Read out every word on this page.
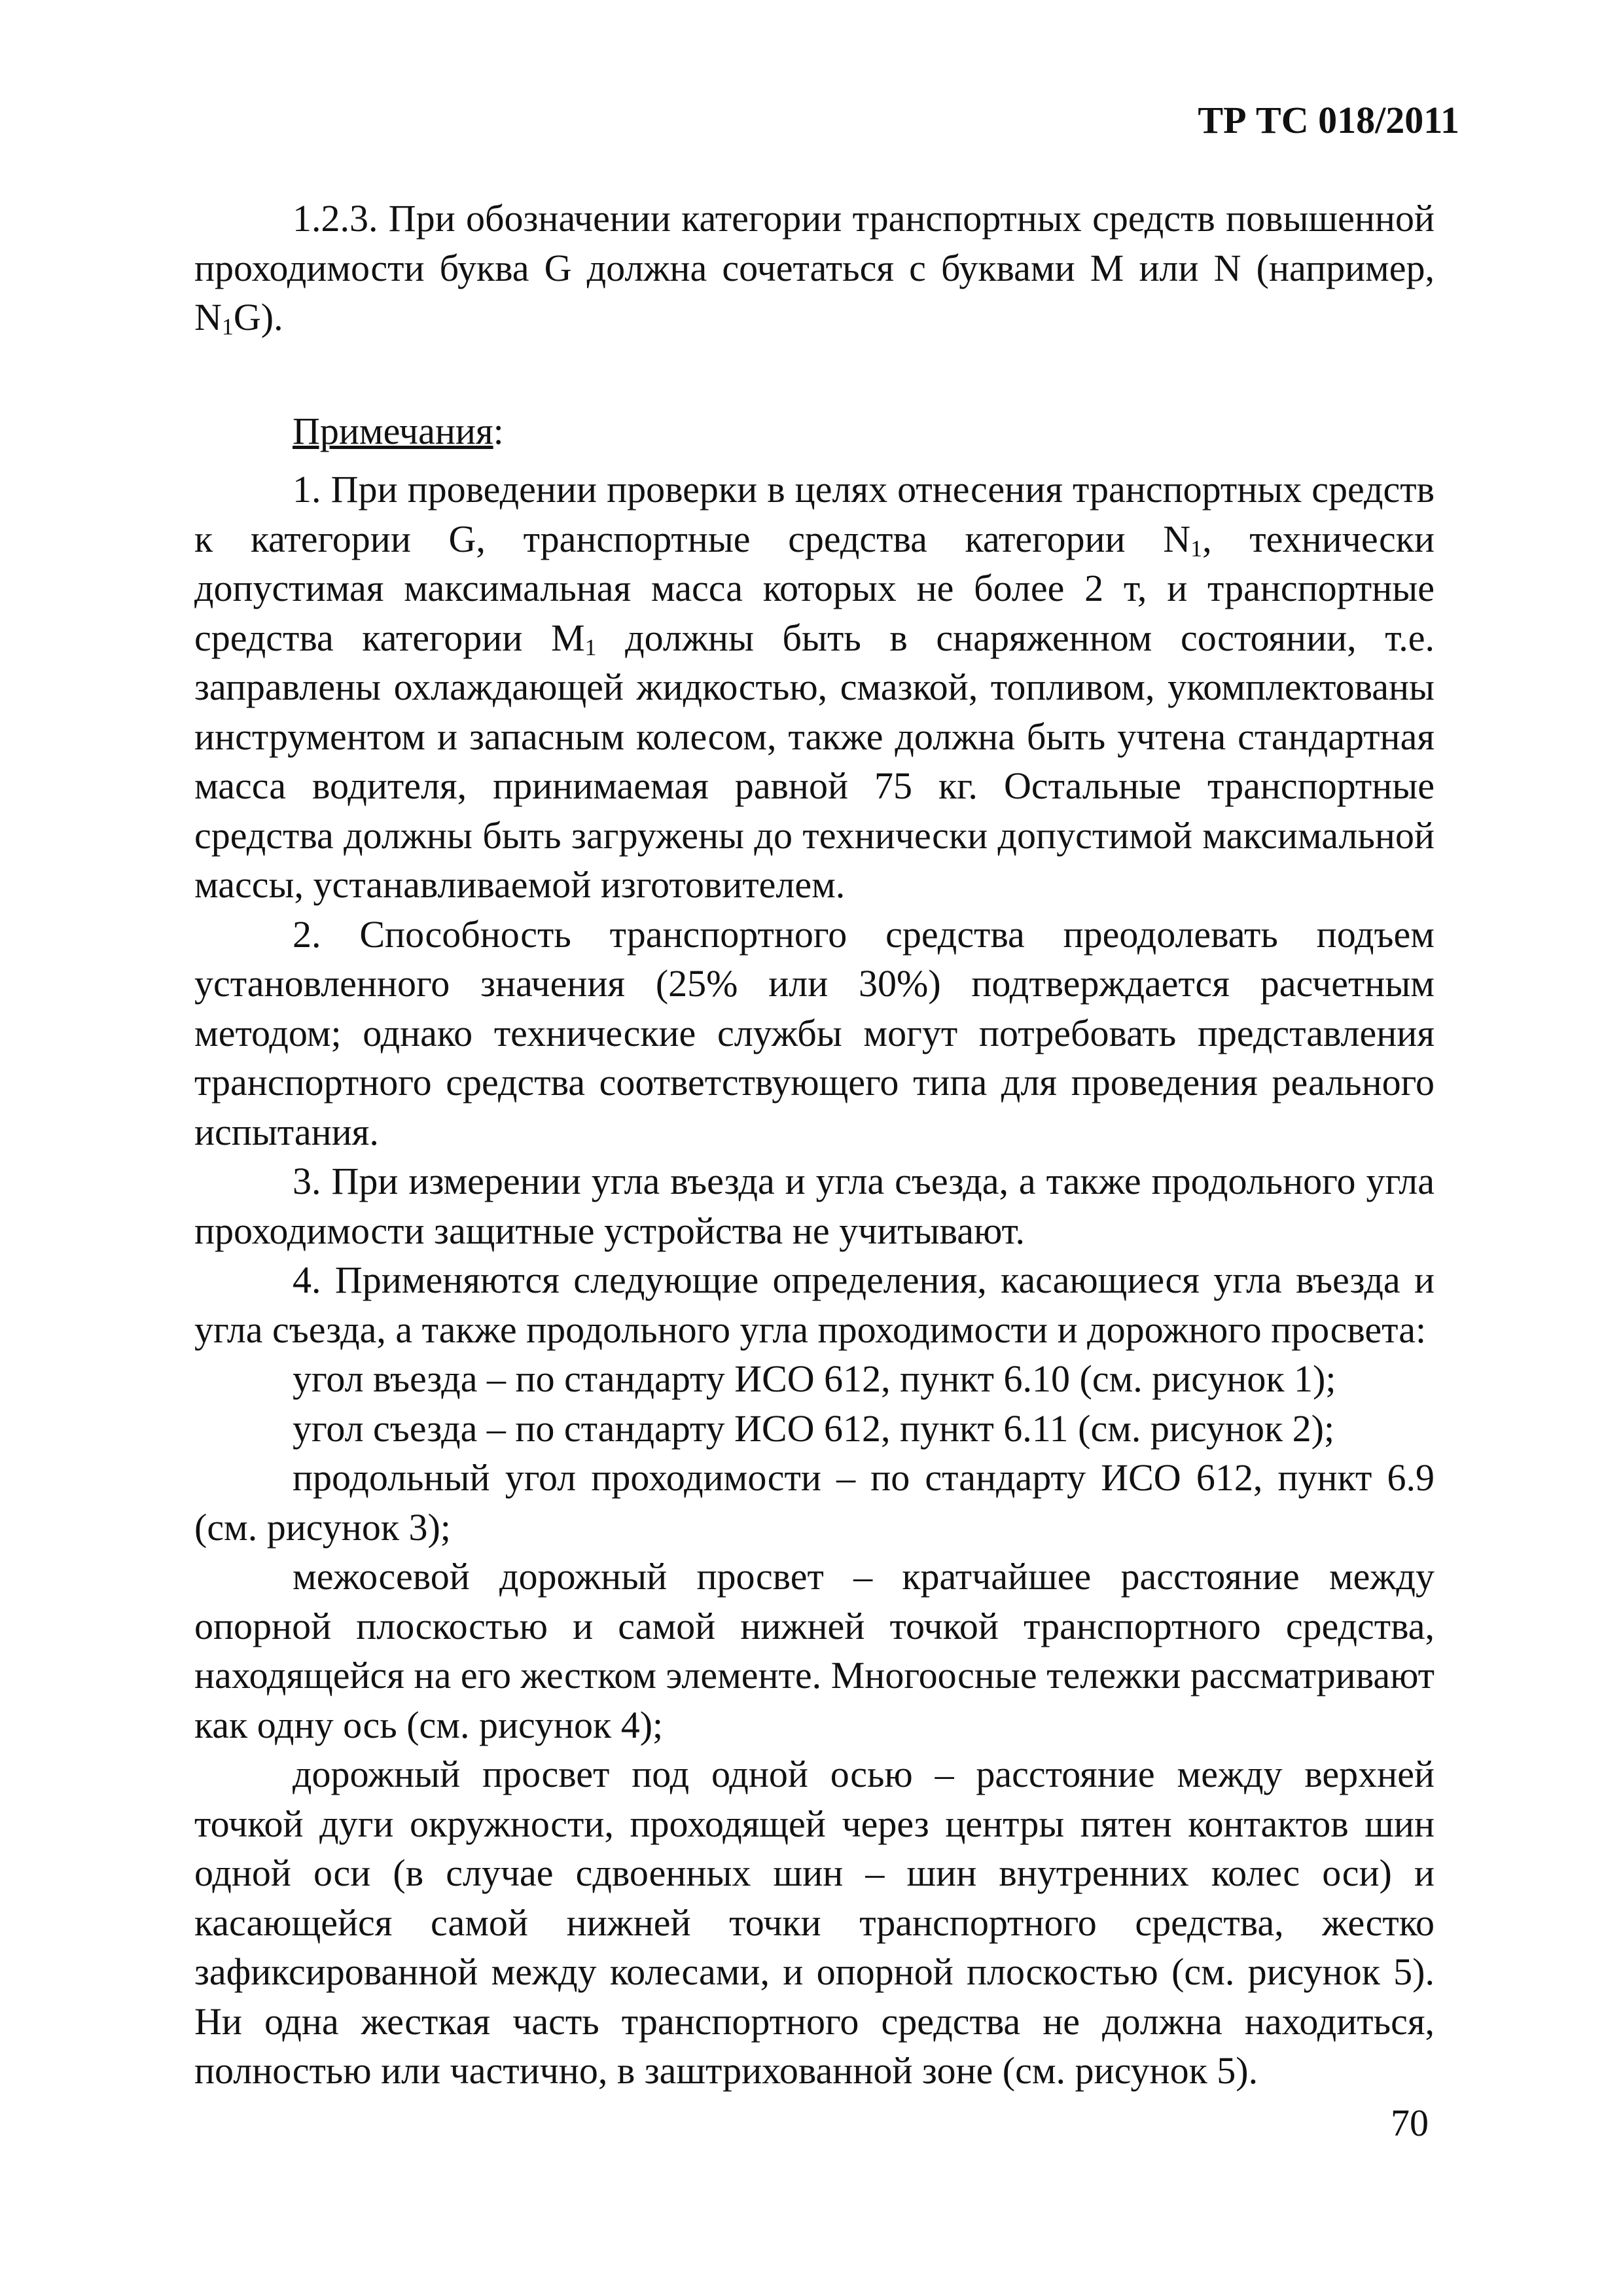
ТР ТС 018/2011

1.2.3. При обозначении категории транспортных средств повышенной проходимости буква G должна сочетаться с буквами M или N (например, $N_1G$).

Примечания:

1. При проведении проверки в целях отнесения транспортных средств к категории G, транспортные средства категории $N_1$, технически допустимая максимальная масса которых не более 2 т, и транспортные средства категории $M_1$ должны быть в снаряженном состоянии, т.е. заправлены охлаждающей жидкостью, смазкой, топливом, укомплектованы инструментом и запасным колесом, также должна быть учтена стандартная масса водителя, принимаемая равной 75 кг. Остальные транспортные средства должны быть загружены до технически допустимой максимальной массы, устанавливаемой изготовителем.

2. Способность транспортного средства преодолевать подъем установленного значения (25% или 30%) подтверждается расчетным методом; однако технические службы могут потребовать представления транспортного средства соответствующего типа для проведения реального испытания.

3. При измерении угла въезда и угла съезда, а также продольного угла проходимости защитные устройства не учитывают.

4. Применяются следующие определения, касающиеся угла въезда и угла съезда, а также продольного угла проходимости и дорожного просвета:

угол въезда – по стандарту ИСО 612, пункт 6.10 (см. рисунок 1);

угол съезда – по стандарту ИСО 612, пункт 6.11 (см. рисунок 2);

продольный угол проходимости – по стандарту ИСО 612, пункт 6.9 (см. рисунок 3);

межосевой дорожный просвет – кратчайшее расстояние между опорной плоскостью и самой нижней точкой транспортного средства, находящейся на его жестком элементе. Многоосные тележки рассматривают как одну ось (см. рисунок 4);

дорожный просвет под одной осью – расстояние между верхней точкой дуги окружности, проходящей через центры пятен контактов шин одной оси (в случае сдвоенных шин – шин внутренних колес оси) и касающейся самой нижней точки транспортного средства, жестко зафиксированной между колесами, и опорной плоскостью (см. рисунок 5). Ни одна жесткая часть транспортного средства не должна находиться, полностью или частично, в заштрихованной зоне (см. рисунок 5).

70
